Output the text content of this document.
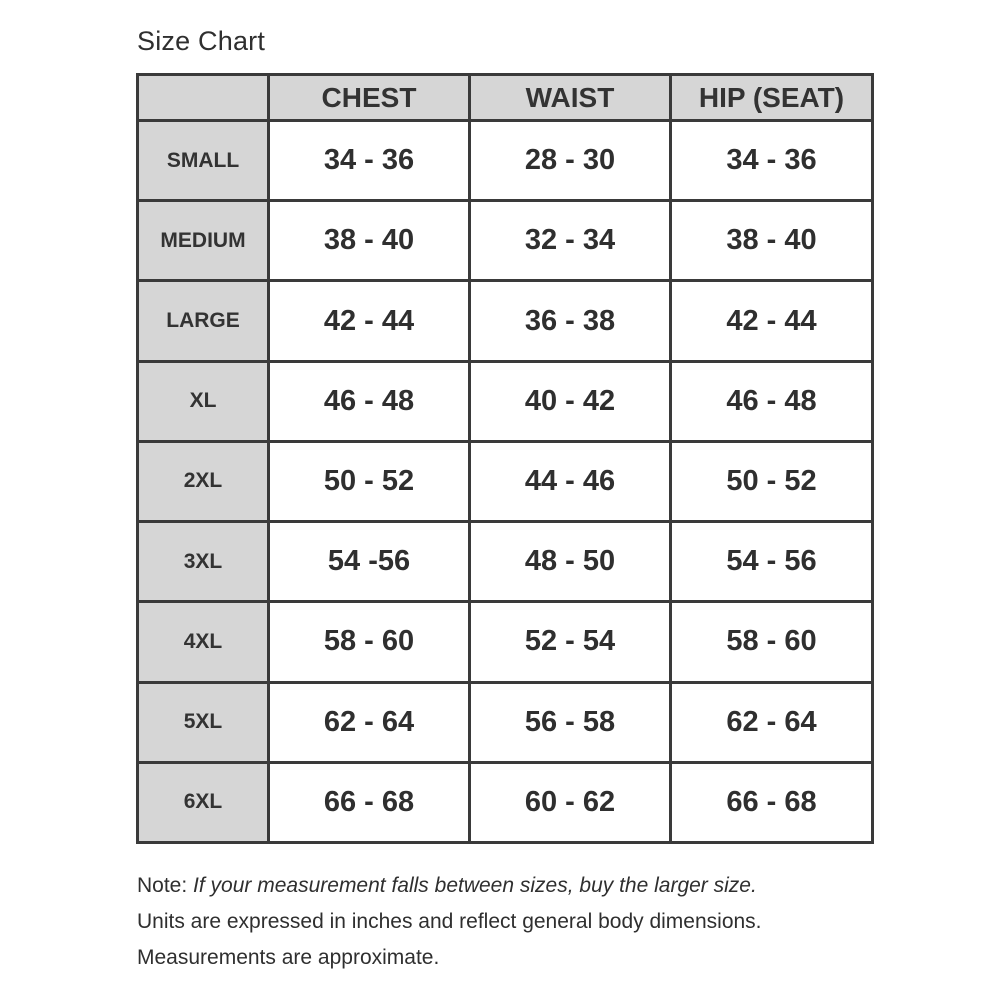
Size Chart
	CHEST	WAIST	HIP (SEAT)
SMALL	34 - 36	28 - 30	34 - 36
MEDIUM	38 - 40	32 - 34	38 - 40
LARGE	42 - 44	36 - 38	42 - 44
XL	46 - 48	40 - 42	46 - 48
2XL	50 - 52	44 - 46	50 - 52
3XL	54 -56	48 - 50	54 - 56
4XL	58 - 60	52 - 54	58 - 60
5XL	62 - 64	56 - 58	62 - 64
6XL	66 - 68	60 - 62	66 - 68

Note: If your measurement falls between sizes, buy the larger size.

Units are expressed in inches and reflect general body dimensions.

Measurements are approximate.
